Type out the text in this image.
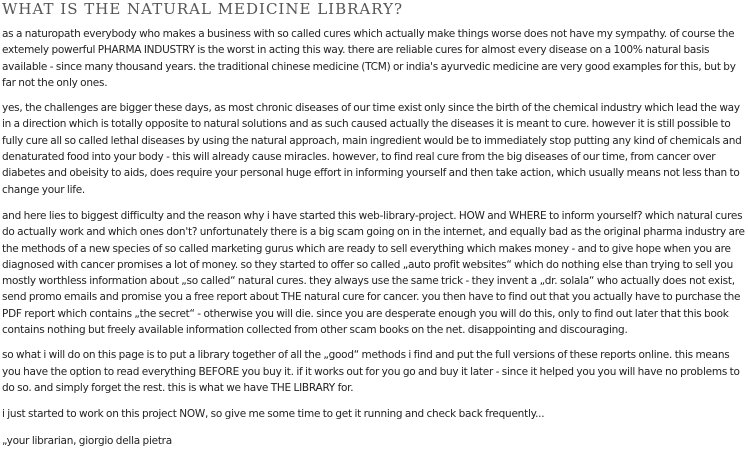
WHAT IS THE NATURAL MEDICINE LIBRARY?

as a naturopath everybody who makes a business with so called cures which actually make things worse does not have my sympathy. of course the extemely powerful PHARMA INDUSTRY is the worst in acting this way. there are reliable cures for almost every disease on a 100% natural basis available - since many thousand years. the traditional chinese medicine (TCM) or india's ayurvedic medicine are very good examples for this, but by far not the only ones.

yes, the challenges are bigger these days, as most chronic diseases of our time exist only since the birth of the chemical industry which lead the way in a direction which is totally opposite to natural solutions and as such caused actually the diseases it is meant to cure. however it is still possible to fully cure all so called lethal diseases by using the natural approach, main ingredient would be to immediately stop putting any kind of chemicals and denaturated food into your body - this will already cause miracles. however, to find real cure from the big diseases of our time, from cancer over diabetes and obeisity to aids, does require your personal huge effort in informing yourself and then take action, which usually means not less than to change your life.

and here lies to biggest difficulty and the reason why i have started this web-library-project. HOW and WHERE to inform yourself? which natural cures do actually work and which ones don't? unfortunately there is a big scam going on in the internet, and equally bad as the original pharma industry are the methods of a new species of so called marketing gurus which are ready to sell everything which makes money - and to give hope when you are diagnosed with cancer promises a lot of money. so they started to offer so called „auto profit websites“ which do nothing else than trying to sell you mostly worthless information about „so called“ natural cures. they always use the same trick - they invent a „dr. solala“ who actually does not exist, send promo emails and promise you a free report about THE natural cure for cancer. you then have to find out that you actually have to purchase the PDF report which contains „the secret“ - otherwise you will die. since you are desperate enough you will do this, only to find out later that this book contains nothing but freely available information collected from other scam books on the net. disappointing and discouraging.

so what i will do on this page is to put a library together of all the „good“ methods i find and put the full versions of these reports online. this means you have the option to read everything BEFORE you buy it. if it works out for you go and buy it later - since it helped you you will have no problems to do so. and simply forget the rest. this is what we have THE LIBRARY for.

i just started to work on this project NOW, so give me some time to get it running and check back frequently...

„your librarian, giorgio della pietra
